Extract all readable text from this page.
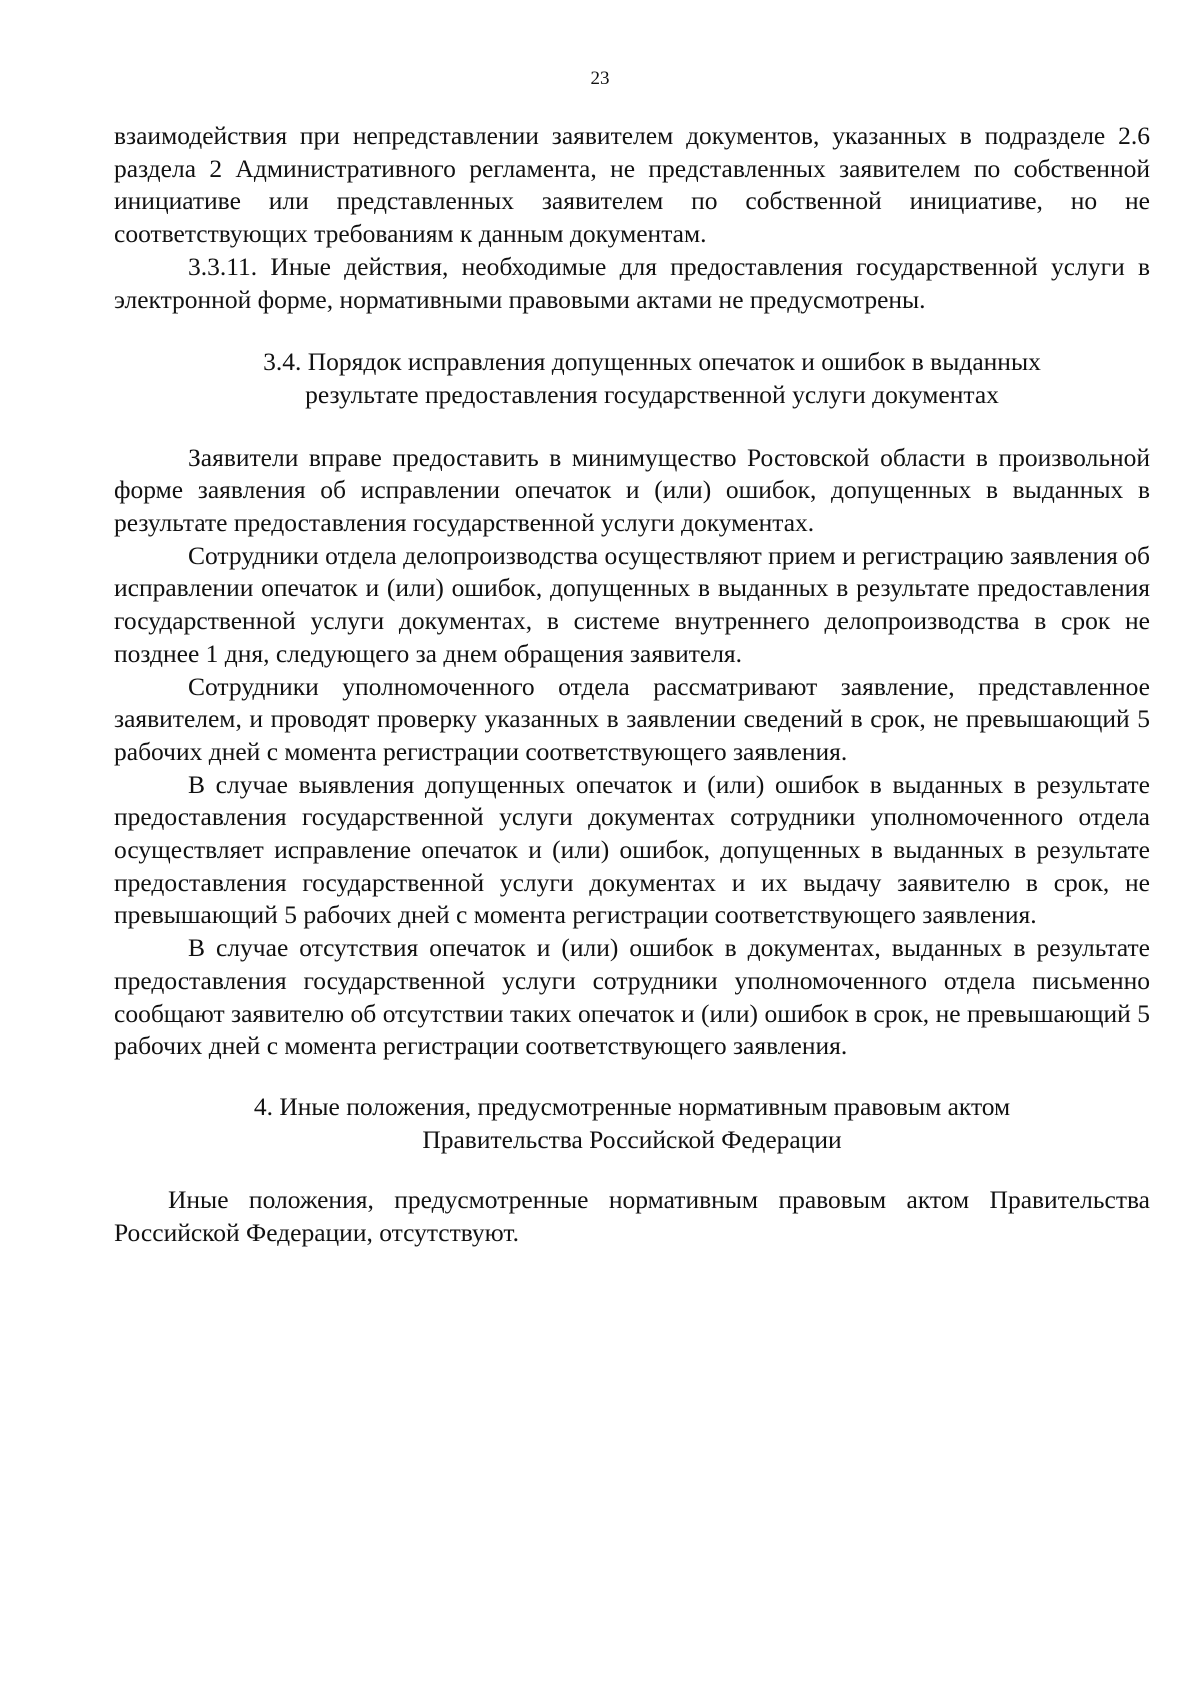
23

взаимодействия при непредставлении заявителем документов, указанных в подразделе 2.6 раздела 2 Административного регламента, не представленных заявителем по собственной инициативе или представленных заявителем по собственной инициативе, но не соответствующих требованиям к данным документам.

3.3.11. Иные действия, необходимые для предоставления государственной услуги в электронной форме, нормативными правовыми актами не предусмотрены.

3.4. Порядок исправления допущенных опечаток и ошибок в выданных
результате предоставления государственной услуги документах

Заявители вправе предоставить в минимущество Ростовской области в произвольной форме заявления об исправлении опечаток и (или) ошибок, допущенных в выданных в результате предоставления государственной услуги документах.

Сотрудники отдела делопроизводства осуществляют прием и регистрацию заявления об исправлении опечаток и (или) ошибок, допущенных в выданных в результате предоставления государственной услуги документах, в системе внутреннего делопроизводства в срок не позднее 1 дня, следующего за днем обращения заявителя.

Сотрудники уполномоченного отдела рассматривают заявление, представленное заявителем, и проводят проверку указанных в заявлении сведений в срок, не превышающий 5 рабочих дней с момента регистрации соответствующего заявления.

В случае выявления допущенных опечаток и (или) ошибок в выданных в результате предоставления государственной услуги документах сотрудники уполномоченного отдела осуществляет исправление опечаток и (или) ошибок, допущенных в выданных в результате предоставления государственной услуги документах и их выдачу заявителю в срок, не превышающий 5 рабочих дней с момента регистрации соответствующего заявления.

В случае отсутствия опечаток и (или) ошибок в документах, выданных в результате предоставления государственной услуги сотрудники уполномоченного отдела письменно сообщают заявителю об отсутствии таких опечаток и (или) ошибок в срок, не превышающий 5 рабочих дней с момента регистрации соответствующего заявления.

4. Иные положения, предусмотренные нормативным правовым актом
Правительства Российской Федерации

Иные положения, предусмотренные нормативным правовым актом Правительства Российской Федерации, отсутствуют.
